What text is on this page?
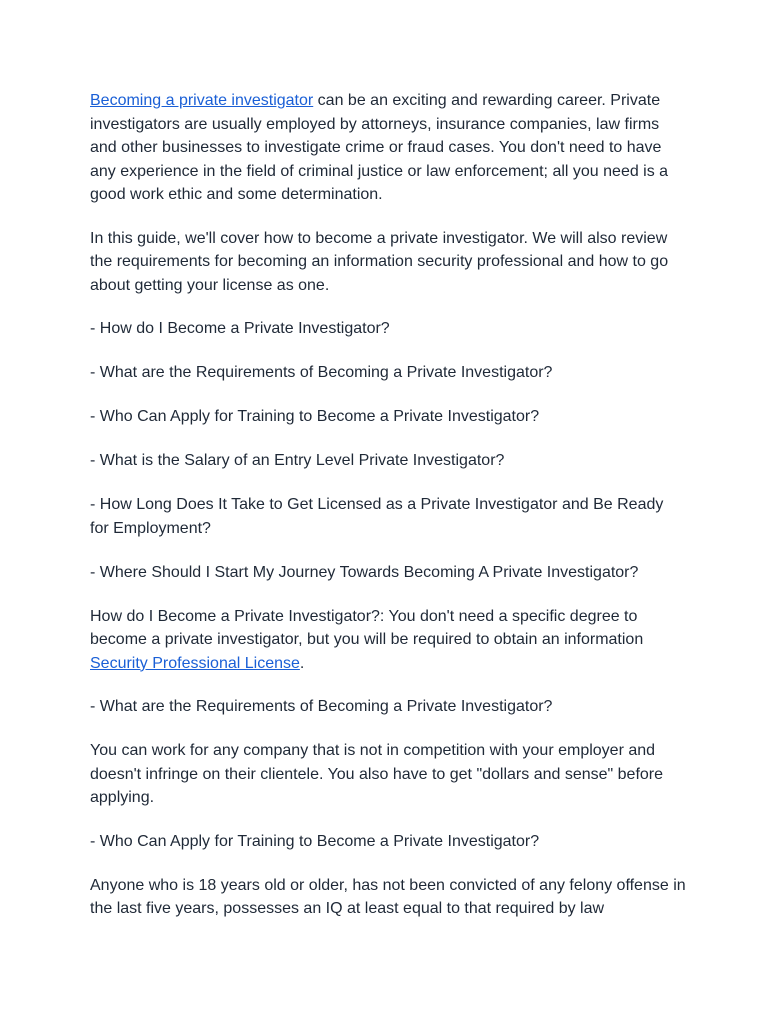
Becoming a private investigator can be an exciting and rewarding career. Private investigators are usually employed by attorneys, insurance companies, law firms and other businesses to investigate crime or fraud cases. You don't need to have any experience in the field of criminal justice or law enforcement; all you need is a good work ethic and some determination.

In this guide, we'll cover how to become a private investigator. We will also review the requirements for becoming an information security professional and how to go about getting your license as one.

- How do I Become a Private Investigator?

- What are the Requirements of Becoming a Private Investigator?

- Who Can Apply for Training to Become a Private Investigator?

- What is the Salary of an Entry Level Private Investigator?

- How Long Does It Take to Get Licensed as a Private Investigator and Be Ready for Employment?

- Where Should I Start My Journey Towards Becoming A Private Investigator?

How do I Become a Private Investigator?: You don't need a specific degree to become a private investigator, but you will be required to obtain an information Security Professional License.

- What are the Requirements of Becoming a Private Investigator?

You can work for any company that is not in competition with your employer and doesn't infringe on their clientele. You also have to get "dollars and sense" before applying.

- Who Can Apply for Training to Become a Private Investigator?

Anyone who is 18 years old or older, has not been convicted of any felony offense in the last five years, possesses an IQ at least equal to that required by law
